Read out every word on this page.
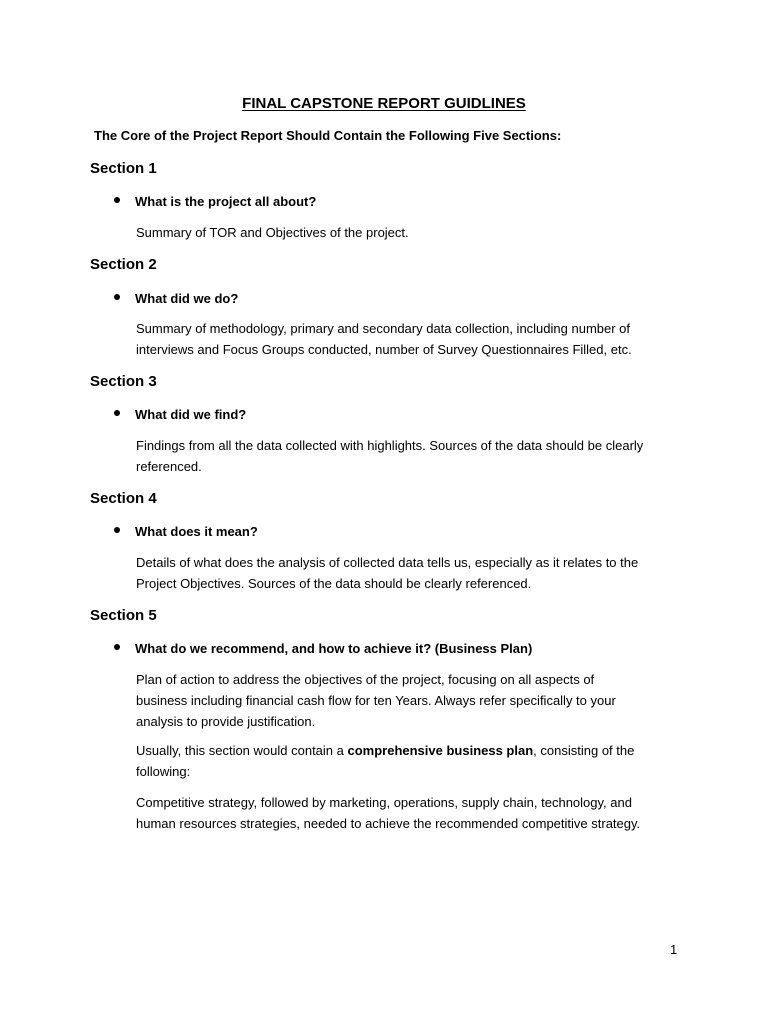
FINAL CAPSTONE REPORT GUIDLINES
The Core of the Project Report Should Contain the Following Five Sections:
Section 1
What is the project all about?
Summary of TOR and Objectives of the project.
Section 2
What did we do?
Summary of methodology, primary and secondary data collection, including number of
interviews and Focus Groups conducted, number of Survey Questionnaires Filled, etc.
Section 3
What did we find?
Findings from all the data collected with highlights. Sources of the data should be clearly
referenced.
Section 4
What does it mean?
Details of what does the analysis of collected data tells us, especially as it relates to the
Project Objectives. Sources of the data should be clearly referenced.
Section 5
What do we recommend, and how to achieve it? (Business Plan)
Plan of action to address the objectives of the project, focusing on all aspects of
business including financial cash flow for ten Years. Always refer specifically to your
analysis to provide justification.
Usually, this section would contain a comprehensive business plan, consisting of the
following:
Competitive strategy, followed by marketing, operations, supply chain, technology, and
human resources strategies, needed to achieve the recommended competitive strategy.
1
